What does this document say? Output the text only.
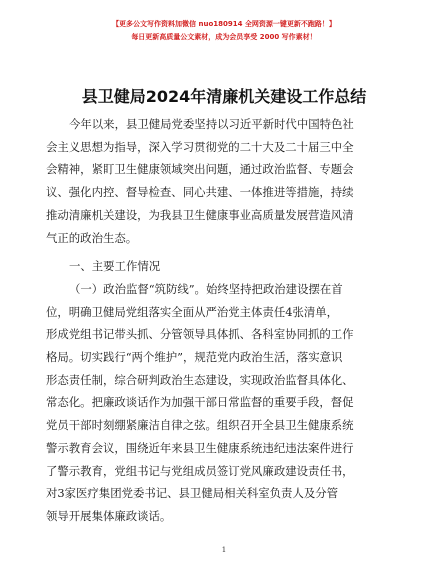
【更多公文写作资料加微信 nuo180914 全网资源一键更新不跑路！】
每日更新高质量公文素材，成为会员享受 2000 写作素材！
县卫健局2024年清廉机关建设工作总结
今年以来，县卫健局党委坚持以习近平新时代中国特色社
会主义思想为指导，深入学习贯彻党的二十大及二十届三中全
会精神，紧盯卫生健康领域突出问题，通过政治监督、专题会
议、强化内控、督导检查、同心共建、一体推进等措施，持续
推动清廉机关建设，为我县卫生健康事业高质量发展营造风清
气正的政治生态。
一、主要工作情况
（一）政治监督“筑防线”。始终坚持把政治建设摆在首
位，明确卫健局党组落实全面从严治党主体责任4张清单，
形成党组书记带头抓、分管领导具体抓、各科室协同抓的工作
格局。切实践行“两个维护”，规范党内政治生活，落实意识
形态责任制，综合研判政治生态建设，实现政治监督具体化、
常态化。把廉政谈话作为加强干部日常监督的重要手段，督促
党员干部时刻绷紧廉洁自律之弦。组织召开全县卫生健康系统
警示教育会议，围绕近年来县卫生健康系统违纪违法案件进行
了警示教育，党组书记与党组成员签订党风廉政建设责任书，
对3家医疗集团党委书记、县卫健局相关科室负责人及分管
领导开展集体廉政谈话。
1
